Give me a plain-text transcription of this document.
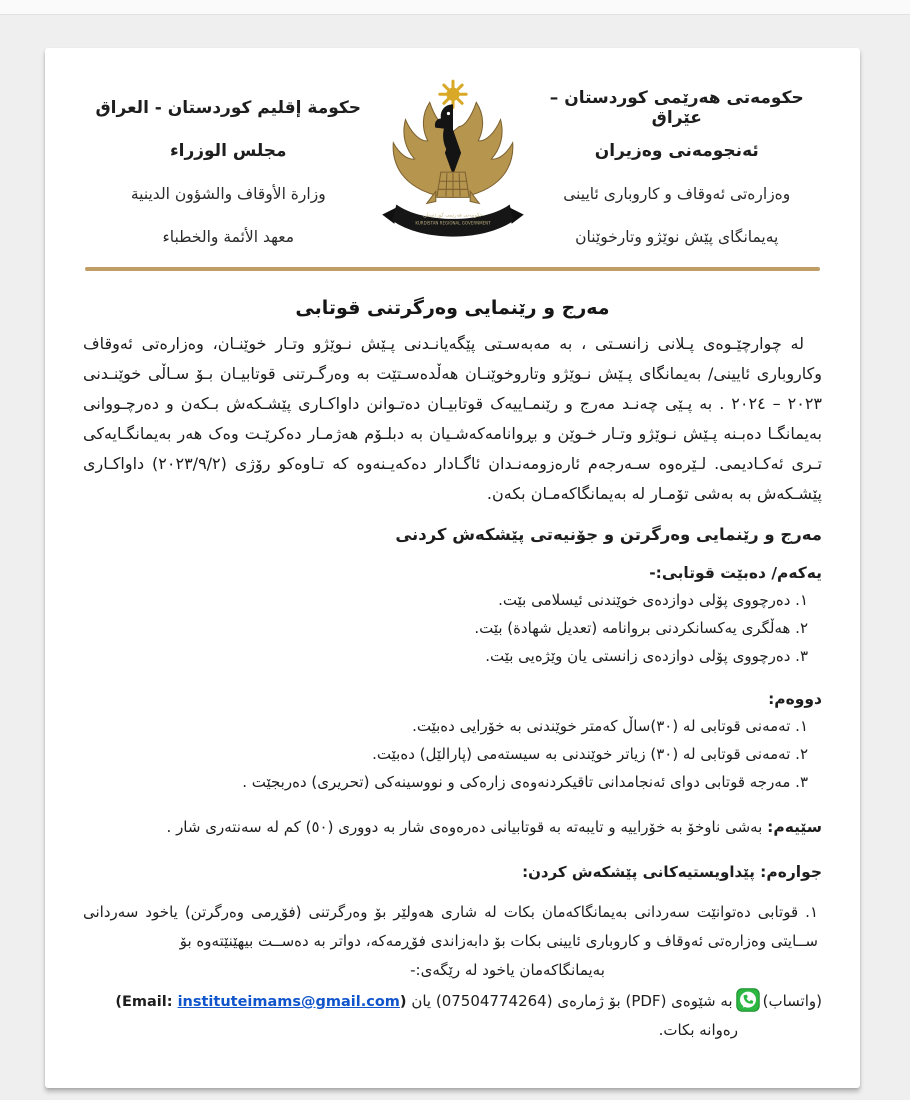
حكومة إقليم كوردستان - العراق
مجلس الوزراء
وزارة الأوقاف والشؤون الدينية
معهد الأئمة والخطباء
حکومەتی هەرێمی کوردستان
KURDISTAN REGIONAL GOVERNMENT
حکومەتی هەرێمی کوردستان – عێراق
ئەنجومەنی وەزیران
وەزارەتی ئەوقاف و کاروباری ئایینی
پەیمانگای پێش نوێژو وتارخوێنان
مەرج و رێنمایی وەرگرتنی قوتابی

لە چوارچێـوەی پـلانی زانسـتی ، بە مەبەسـتی پێگەیانـدنی پـێش نـوێژو وتـار خوێنـان، وەزارەتی ئەوقاف وکاروباری ئایینی/ بەیمانگای پـێش نـوێژو وتاروخوێنـان هەڵدەسـتێت بە وەرگـرتنی قوتابیـان بـۆ سـاڵی خوێنـدنی ٢٠٢٣ – ٢٠٢٤ . بە پـێی چەنـد مەرج و رێنمـاییەک قوتابیـان دەتـوانن داواکـاری پێشـکەش بـکەن و دەرچـووانی بەیمانگـا دەبـنە پـێش نـوێژو وتـار خـوێن و بڕوانامەکەشـیان بە دبلـۆم هەژمـار دەکرێـت وەک هەر بەیمانگـایەکی تـری ئەکـادیمی. لـێرەوە سـەرجەم ئارەزومەنـدان ئاگـادار دەکەیـنەوە کە تـاوەکو رۆژی (٢٠٢٣/٩/٢) داواکـاری پێشـکەش بە بەشی تۆمـار لە بەیمانگاکەمـان بکەن.

مەرج و رێنمایی وەرگرتن و جۆنیەتی پێشکەش کردنی
یەکەم/ دەبێت قوتابی:-
١. دەرچووی پۆلی دوازدەی خوێندنی ئیسلامی بێت.
٢. هەڵگری یەکسانکردنی بروانامە (تعدیل شهادة) بێت.
٣. دەرچووی پۆلی دوازدەی زانستی یان وێژەیی بێت.
دووەم:
١. تەمەنی قوتابی لە (٣٠)ساڵ کەمتر خوێندنی بە خۆرایی دەبێت.
٢. تەمەنی قوتابی لە (٣٠) زیاتر خوێندنی بە سیستەمی (پارالێل) دەبێت.
٣. مەرجە قوتابی دوای ئەنجامدانی تاقیکردنەوەی زارەکی و نووسینەکی (تحریری) دەربجێت .

سێیەم: بەشی ناوخۆ بە خۆراییە و تایبەتە بە قوتابیانی دەرەوەی شار بە دووری (٥٠) کم لە سەنتەری شار .

جوارەم: پێداویستیەکانی پێشکەش کردن:

١. قوتابی دەتوانێت سەردانی بەیمانگاکەمان بکات لە شاری هەولێر بۆ وەرگرتنی (فۆڕمی وەرگرتن) یاخود سەردانی ســایتی وەزارەتی ئەوقاف و کاروباری ئایینی بکات بۆ دابەزاندی فۆڕمەکە، دواتر بە دەســت بیهێنێتەوە بۆ

بەیمانگاکەمان یاخود لە رێگەی:-

(واتساب)بە شێوەی (PDF) بۆ ژمارەی (07504774264) یان (Email: instituteimams@gmail.com)

رەوانە بکات.
